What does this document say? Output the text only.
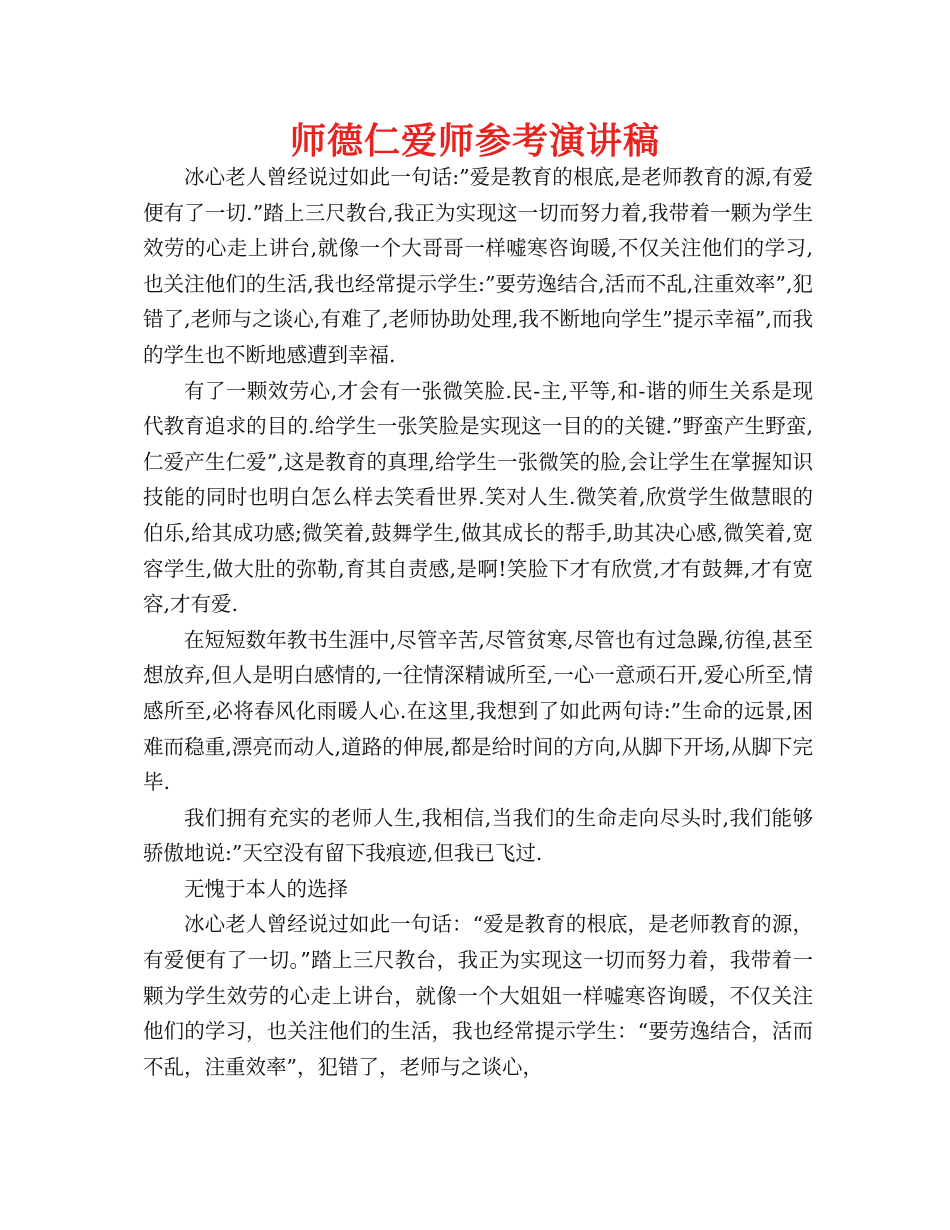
师德仁爱师参考演讲稿

冰心老人曾经说过如此一句话:”爱是教育的根底,是老师教育的源,有爱便有了一切.”踏上三尺教台,我正为实现这一切而努力着,我带着一颗为学生效劳的心走上讲台,就像一个大哥哥一样嘘寒咨询暖,不仅关注他们的学习,也关注他们的生活,我也经常提示学生:”要劳逸结合,活而不乱,注重效率”,犯错了,老师与之谈心,有难了,老师协助处理,我不断地向学生”提示幸福”,而我的学生也不断地感遭到幸福.

有了一颗效劳心,才会有一张微笑脸.民-主,平等,和-谐的师生关系是现代教育追求的目的.给学生一张笑脸是实现这一目的的关键.”野蛮产生野蛮,仁爱产生仁爱”,这是教育的真理,给学生一张微笑的脸,会让学生在掌握知识技能的同时也明白怎么样去笑看世界.笑对人生.微笑着,欣赏学生做慧眼的伯乐,给其成功感;微笑着,鼓舞学生,做其成长的帮手,助其决心感,微笑着,宽容学生,做大肚的弥勒,育其自责感,是啊!笑脸下才有欣赏,才有鼓舞,才有宽容,才有爱.

在短短数年教书生涯中,尽管辛苦,尽管贫寒,尽管也有过急躁,彷徨,甚至想放弃,但人是明白感情的,一往情深精诚所至,一心一意顽石开,爱心所至,情感所至,必将春风化雨暖人心.在这里,我想到了如此两句诗:”生命的远景,困难而稳重,漂亮而动人,道路的伸展,都是给时间的方向,从脚下开场,从脚下完毕.

我们拥有充实的老师人生,我相信,当我们的生命走向尽头时,我们能够骄傲地说:”天空没有留下我痕迹,但我已飞过.

无愧于本人的选择

冰心老人曾经说过如此一句话：“爱是教育的根底，是老师教育的源，有爱便有了一切。”踏上三尺教台，我正为实现这一切而努力着，我带着一颗为学生效劳的心走上讲台，就像一个大姐姐一样嘘寒咨询暖，不仅关注他们的学习，也关注他们的生活，我也经常提示学生：“要劳逸结合，活而不乱，注重效率”，犯错了，老师与之谈心，
